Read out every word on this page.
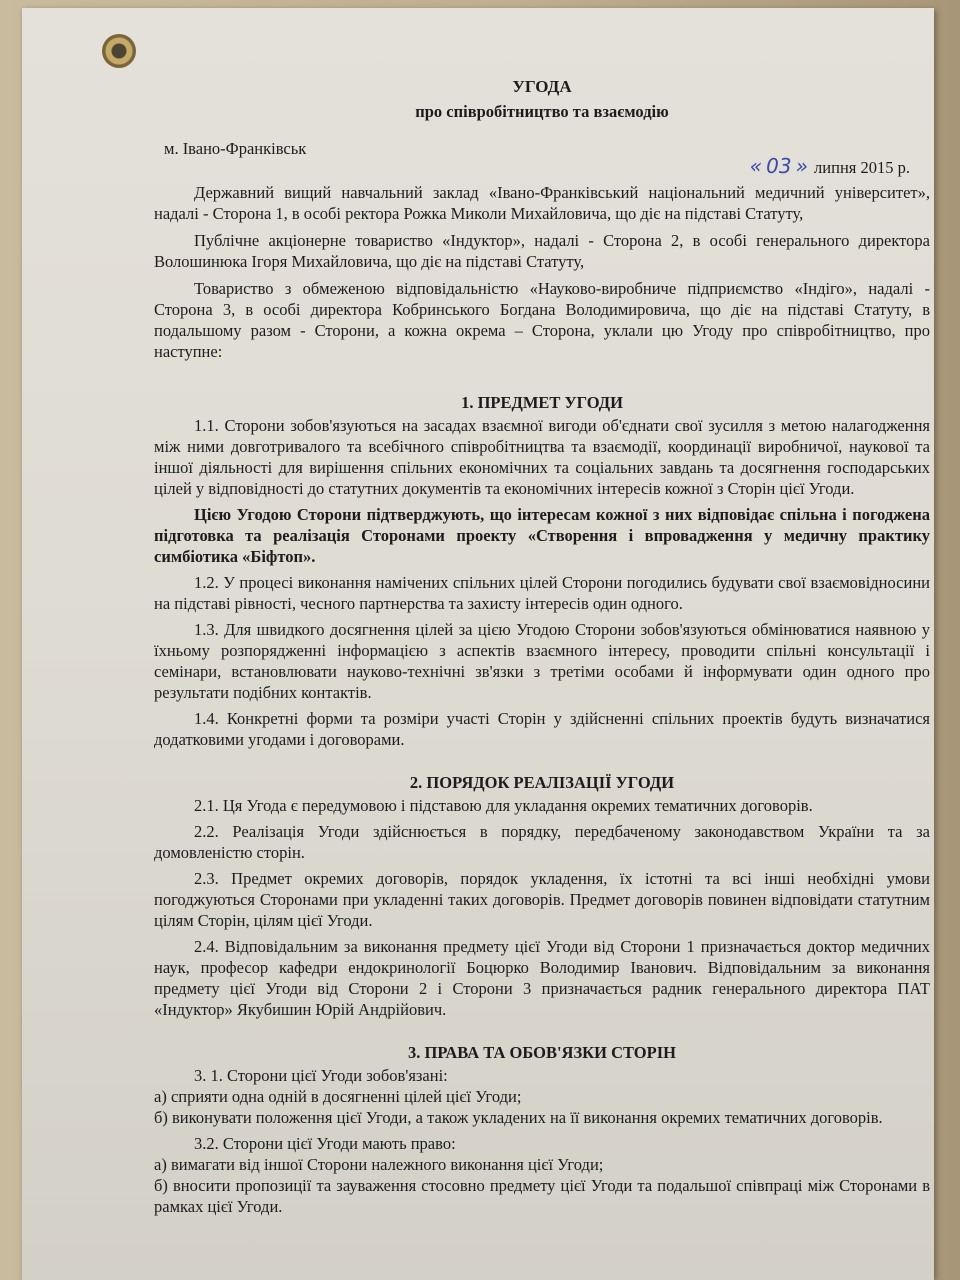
УГОДА
про співробітництво та взаємодію
м. Івано-Франківськ
« 03 » липня 2015 р.

Державний вищий навчальний заклад «Івано-Франківський національний медичний університет», надалі - Сторона 1, в особі ректора Рожка Миколи Михайловича, що діє на підставі Статуту,

Публічне акціонерне товариство «Індуктор», надалі - Сторона 2, в особі генерального директора Волошинюка Ігоря Михайловича, що діє на підставі Статуту,

Товариство з обмеженою відповідальністю «Науково-виробниче підприємство «Індіго», надалі - Сторона 3, в особі директора Кобринського Богдана Володимировича, що діє на підставі Статуту, в подальшому разом - Сторони, а кожна окрема – Сторона, уклали цю Угоду про співробітництво, про наступне:

1. ПРЕДМЕТ УГОДИ

1.1. Сторони зобов'язуються на засадах взаємної вигоди об'єднати свої зусилля з метою налагодження між ними довготривалого та всебічного співробітництва та взаємодії, координації виробничої, наукової та іншої діяльності для вирішення спільних економічних та соціальних завдань та досягнення господарських цілей у відповідності до статутних документів та економічних інтересів кожної з Сторін цієї Угоди.

Цією Угодою Сторони підтверджують, що інтересам кожної з них відповідає спільна і погоджена підготовка та реалізація Сторонами проекту «Створення і впровадження у медичну практику симбіотика «Біфтоп».

1.2. У процесі виконання намічених спільних цілей Сторони погодились будувати свої взаємовідносини на підставі рівності, чесного партнерства та захисту інтересів один одного.

1.3. Для швидкого досягнення цілей за цією Угодою Сторони зобов'язуються обмінюватися наявною у їхньому розпорядженні інформацією з аспектів взаємного інтересу, проводити спільні консультації і семінари, встановлювати науково-технічні зв'язки з третіми особами й інформувати один одного про результати подібних контактів.

1.4. Конкретні форми та розміри участі Сторін у здійсненні спільних проектів будуть визначатися додатковими угодами і договорами.

2. ПОРЯДОК РЕАЛІЗАЦІЇ УГОДИ

2.1. Ця Угода є передумовою і підставою для укладання окремих тематичних договорів.

2.2. Реалізація Угоди здійснюється в порядку, передбаченому законодавством України та за домовленістю сторін.

2.3. Предмет окремих договорів, порядок укладення, їх істотні та всі інші необхідні умови погоджуються Сторонами при укладенні таких договорів. Предмет договорів повинен відповідати статутним цілям Сторін, цілям цієї Угоди.

2.4. Відповідальним за виконання предмету цієї Угоди від Сторони 1 призначається доктор медичних наук, професор кафедри ендокринології Боцюрко Володимир Іванович. Відповідальним за виконання предмету цієї Угоди від Сторони 2 і Сторони 3 призначається радник генерального директора ПАТ «Індуктор» Якубишин Юрій Андрійович.

3. ПРАВА ТА ОБОВ'ЯЗКИ СТОРІН

3. 1. Сторони цієї Угоди зобов'язані:

а) сприяти одна одній в досягненні цілей цієї Угоди;

б) виконувати положення цієї Угоди, а також укладених на її виконання окремих тематичних договорів.

3.2. Сторони цієї Угоди мають право:

а) вимагати від іншої Сторони належного виконання цієї Угоди;

б) вносити пропозиції та зауваження стосовно предмету цієї Угоди та подальшої співпраці між Сторонами в рамках цієї Угоди.
